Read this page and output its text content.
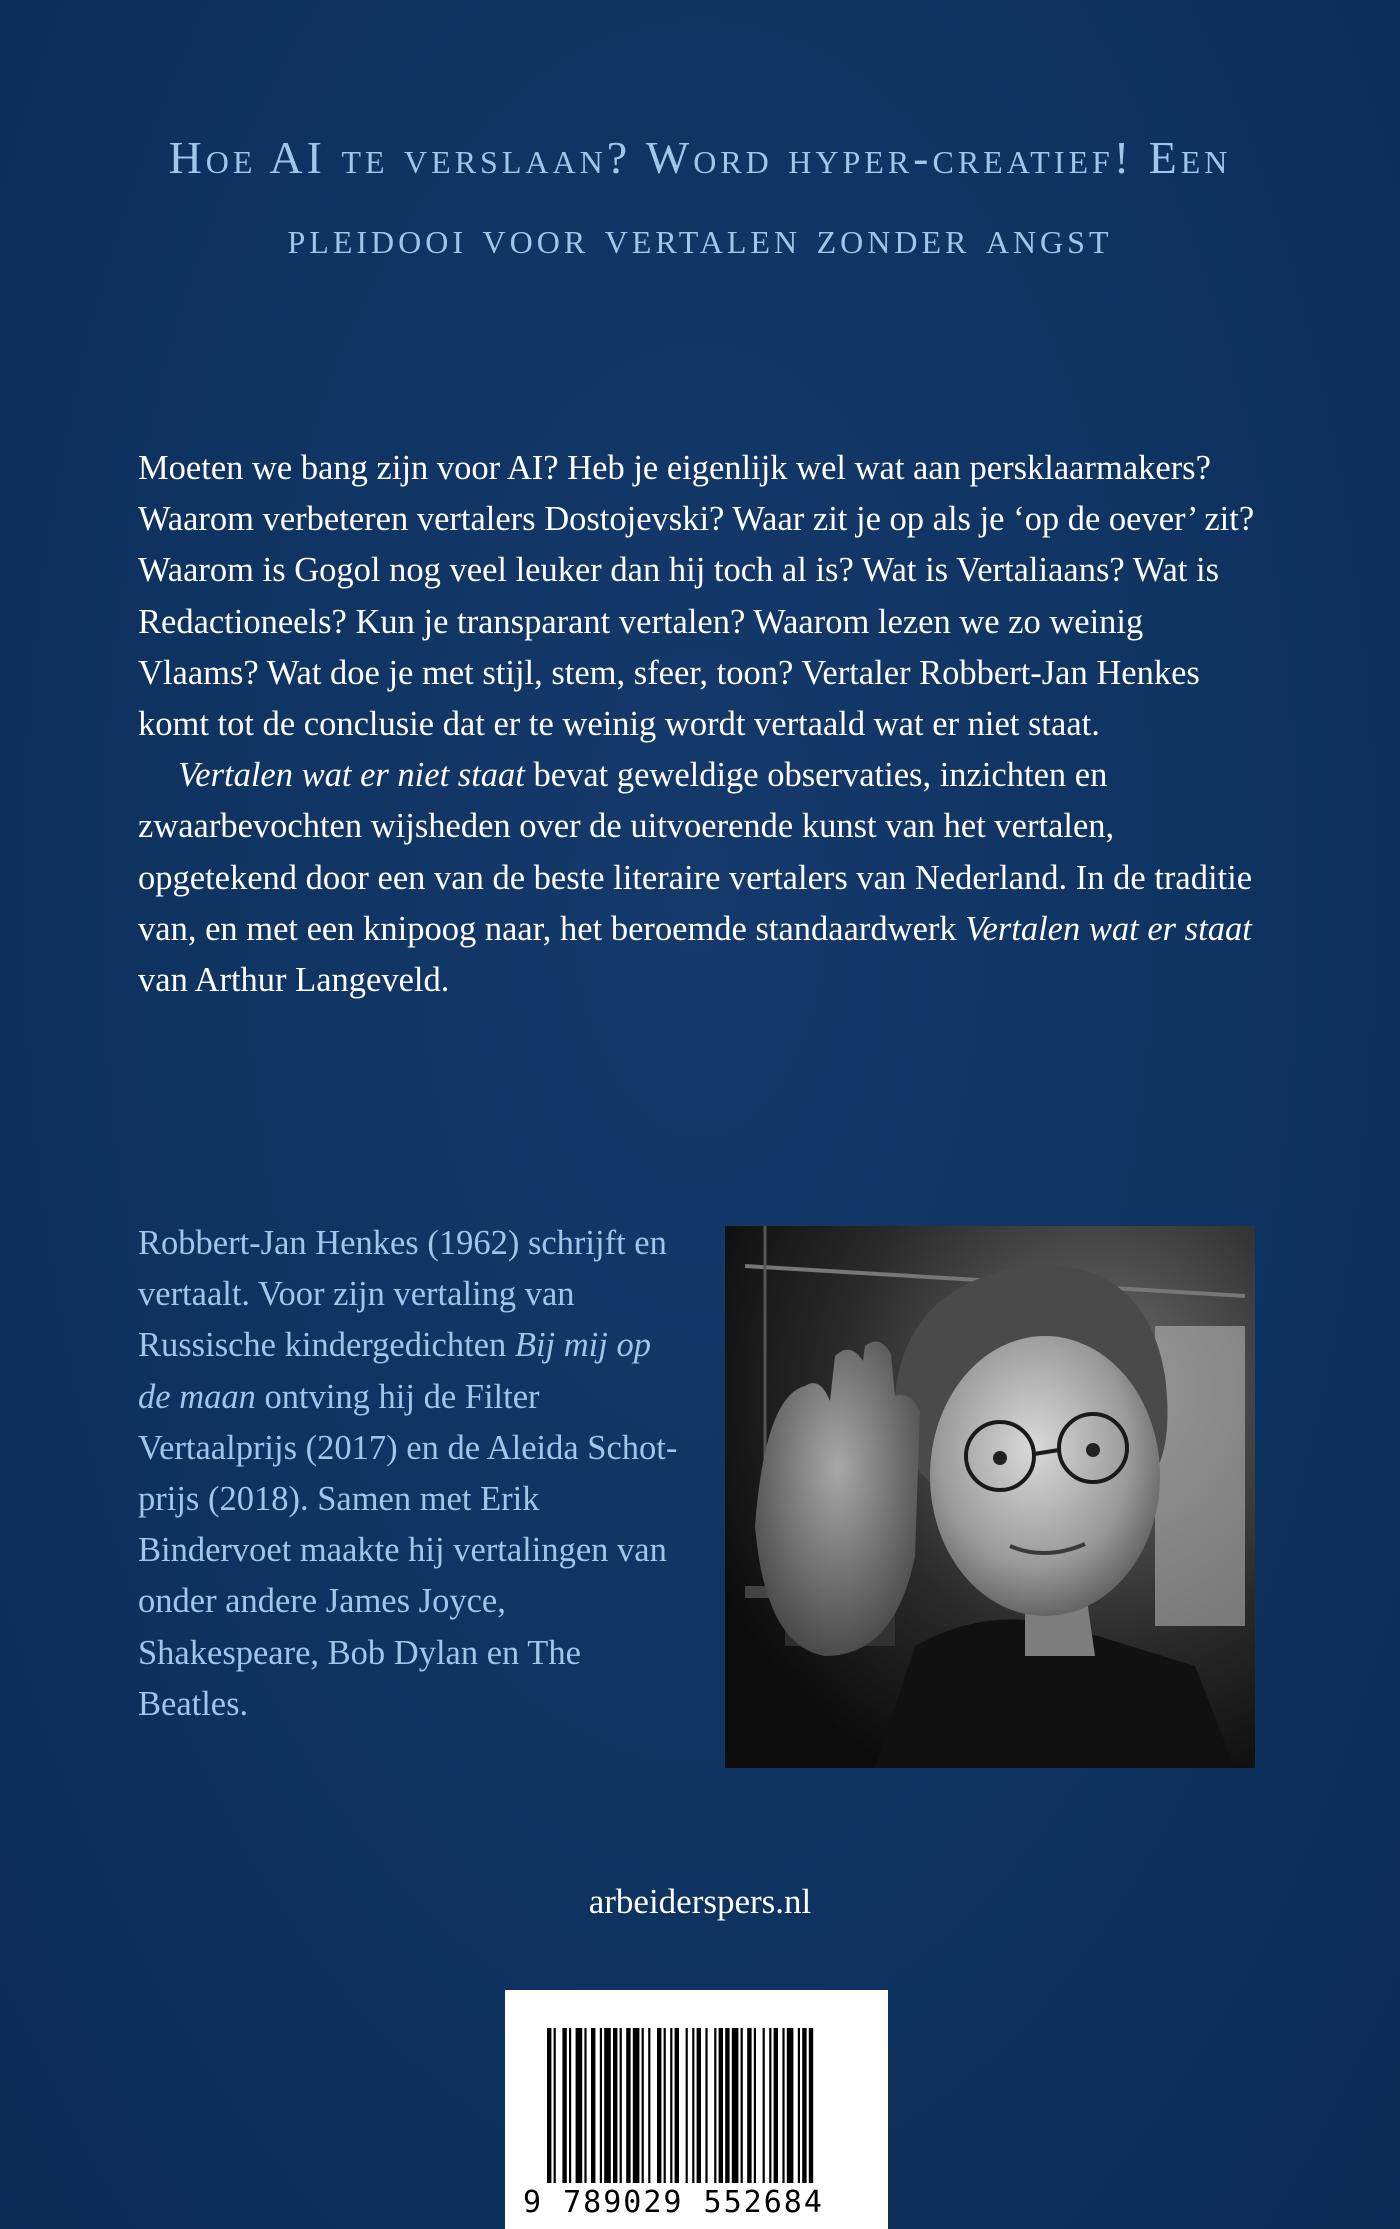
Hoe AI te verslaan? Word hyper-creatief! Een pleidooi voor vertalen zonder angst

Moeten we bang zijn voor AI? Heb je eigenlijk wel wat aan persklaarmakers? Waarom verbeteren vertalers Dostojevski? Waar zit je op als je ‘op de oever’ zit? Waarom is Gogol nog veel leuker dan hij toch al is? Wat is Vertaliaans? Wat is Redactioneels? Kun je transparant vertalen? Waarom lezen we zo weinig Vlaams? Wat doe je met stijl, stem, sfeer, toon? Vertaler Robbert-Jan Henkes komt tot de conclusie dat er te weinig wordt vertaald wat er niet staat.

Vertalen wat er niet staat bevat geweldige observaties, inzichten en zwaarbevochten wijsheden over de uitvoerende kunst van het vertalen, opgetekend door een van de beste literaire vertalers van Nederland. In de traditie van, en met een knipoog naar, het beroemde standaardwerk Vertalen wat er staat van Arthur Langeveld.

Robbert-Jan Henkes (1962) schrijft en vertaalt. Voor zijn vertaling van Russische kindergedichten Bij mij op de maan ontving hij de Filter Vertaalprijs (2017) en de Aleida Schot-prijs (2018). Samen met Erik Bindervoet maakte hij vertalingen van onder andere James Joyce, Shakespeare, Bob Dylan en The Beatles.

arbeiderspers.nl

9 789029 552684
